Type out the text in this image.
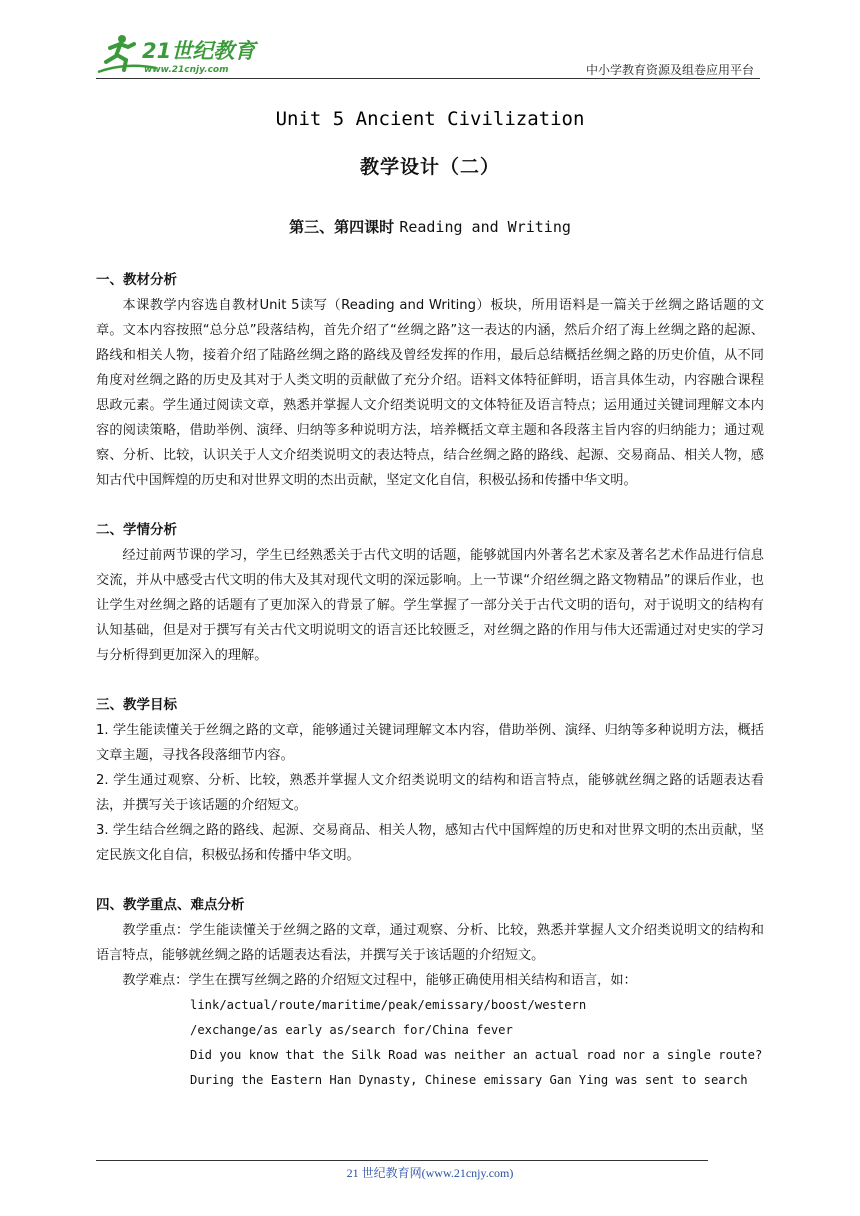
21世纪教育
www.21cnjy.com	中小学教育资源及组卷应用平台
Unit 5 Ancient Civilization
教学设计（二）
第三、第四课时 Reading and Writing

一、教材分析

本课教学内容选自教材Unit 5读写（Reading and Writing）板块，所用语料是一篇关于丝绸之路话题的文章。文本内容按照“总分总”段落结构，首先介绍了“丝绸之路”这一表达的内涵，然后介绍了海上丝绸之路的起源、路线和相关人物，接着介绍了陆路丝绸之路的路线及曾经发挥的作用，最后总结概括丝绸之路的历史价值，从不同角度对丝绸之路的历史及其对于人类文明的贡献做了充分介绍。语料文体特征鲜明，语言具体生动，内容融合课程思政元素。学生通过阅读文章，熟悉并掌握人文介绍类说明文的文体特征及语言特点；运用通过关键词理解文本内容的阅读策略，借助举例、演绎、归纳等多种说明方法，培养概括文章主题和各段落主旨内容的归纳能力；通过观察、分析、比较，认识关于人文介绍类说明文的表达特点，结合丝绸之路的路线、起源、交易商品、相关人物，感知古代中国辉煌的历史和对世界文明的杰出贡献，坚定文化自信，积极弘扬和传播中华文明。

二、学情分析

经过前两节课的学习，学生已经熟悉关于古代文明的话题，能够就国内外著名艺术家及著名艺术作品进行信息交流，并从中感受古代文明的伟大及其对现代文明的深远影响。上一节课“介绍丝绸之路文物精品”的课后作业，也让学生对丝绸之路的话题有了更加深入的背景了解。学生掌握了一部分关于古代文明的语句，对于说明文的结构有认知基础，但是对于撰写有关古代文明说明文的语言还比较匮乏，对丝绸之路的作用与伟大还需通过对史实的学习与分析得到更加深入的理解。

三、教学目标

1. 学生能读懂关于丝绸之路的文章，能够通过关键词理解文本内容，借助举例、演绎、归纳等多种说明方法，概括文章主题，寻找各段落细节内容。

2. 学生通过观察、分析、比较，熟悉并掌握人文介绍类说明文的结构和语言特点，能够就丝绸之路的话题表达看法，并撰写关于该话题的介绍短文。

3. 学生结合丝绸之路的路线、起源、交易商品、相关人物，感知古代中国辉煌的历史和对世界文明的杰出贡献，坚定民族文化自信，积极弘扬和传播中华文明。

四、教学重点、难点分析

教学重点：学生能读懂关于丝绸之路的文章，通过观察、分析、比较，熟悉并掌握人文介绍类说明文的结构和语言特点，能够就丝绸之路的话题表达看法，并撰写关于该话题的介绍短文。

教学难点：学生在撰写丝绸之路的介绍短文过程中，能够正确使用相关结构和语言，如：

link/actual/route/maritime/peak/emissary/boost/western

/exchange/as early as/search for/China fever

Did you know that the Silk Road was neither an actual road nor a single route?

During the Eastern Han Dynasty, Chinese emissary Gan Ying was sent to search

21 世纪教育网(www.21cnjy.com)
